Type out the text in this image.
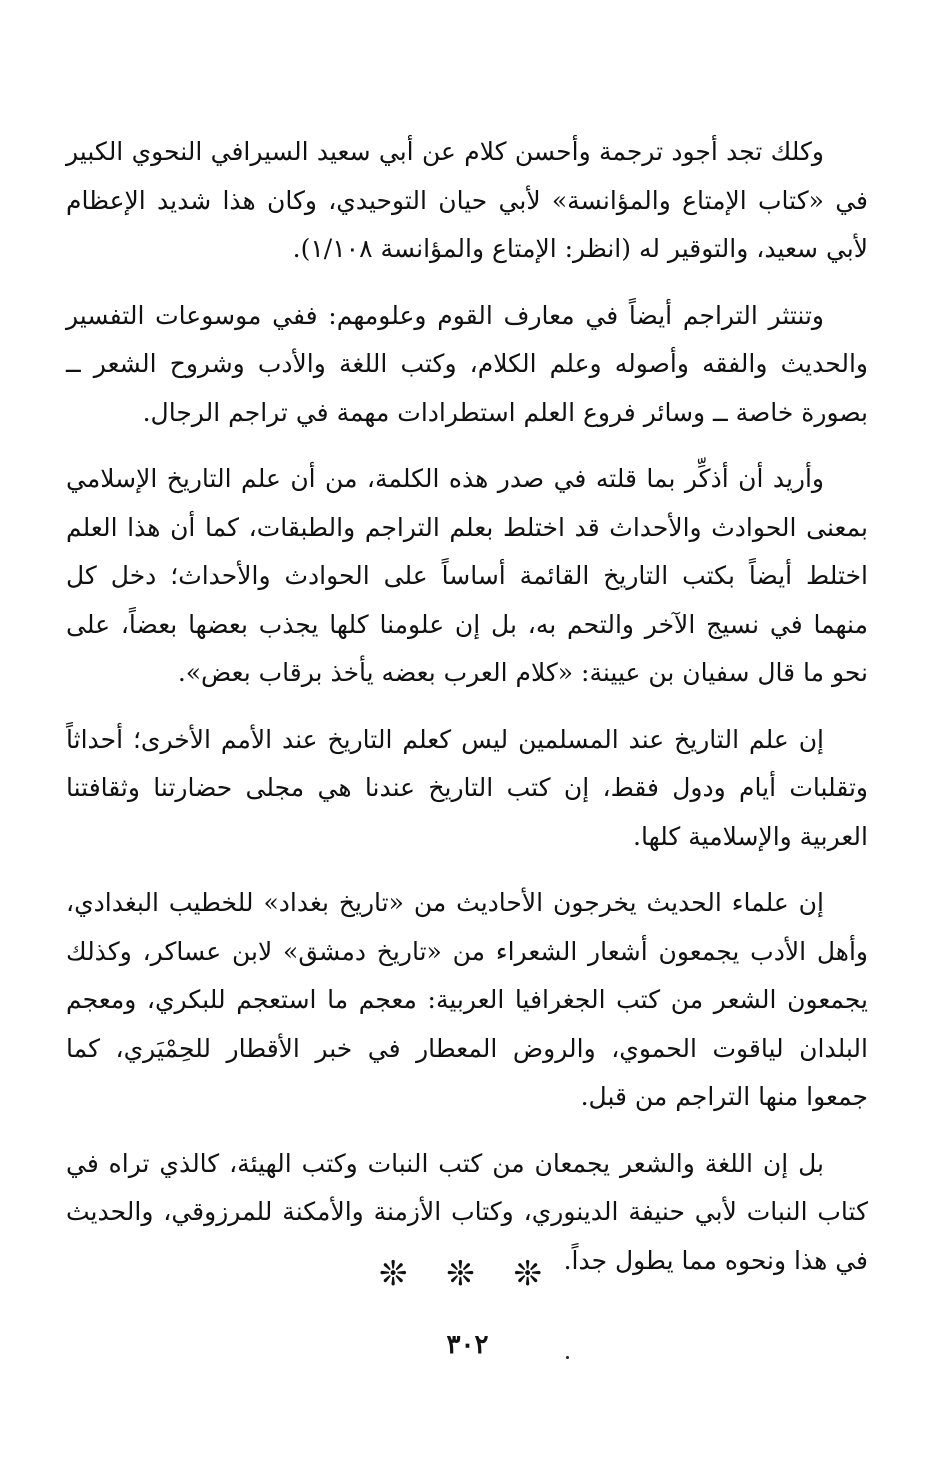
وكلك تجد أجود ترجمة وأحسن كلام عن أبي سعيد السيرافي النحوي الكبير في «كتاب الإمتاع والمؤانسة» لأبي حيان التوحيدي، وكان هذا شديد الإعظام لأبي سعيد، والتوقير له (انظر: الإمتاع والمؤانسة ١/١٠٨).

وتنتثر التراجم أيضاً في معارف القوم وعلومهم: ففي موسوعات التفسير والحديث والفقه وأصوله وعلم الكلام، وكتب اللغة والأدب وشروح الشعر ــ بصورة خاصة ــ وسائر فروع العلم استطرادات مهمة في تراجم الرجال.

وأريد أن أذكِّر بما قلته في صدر هذه الكلمة، من أن علم التاريخ الإسلامي بمعنى الحوادث والأحداث قد اختلط بعلم التراجم والطبقات، كما أن هذا العلم اختلط أيضاً بكتب التاريخ القائمة أساساً على الحوادث والأحداث؛ دخل كل منهما في نسيج الآخر والتحم به، بل إن علومنا كلها يجذب بعضها بعضاً، على نحو ما قال سفيان بن عيينة: «كلام العرب بعضه يأخذ برقاب بعض».

إن علم التاريخ عند المسلمين ليس كعلم التاريخ عند الأمم الأخرى؛ أحداثاً وتقلبات أيام ودول فقط، إن كتب التاريخ عندنا هي مجلى حضارتنا وثقافتنا العربية والإسلامية كلها.

إن علماء الحديث يخرجون الأحاديث من «تاريخ بغداد» للخطيب البغدادي، وأهل الأدب يجمعون أشعار الشعراء من «تاريخ دمشق» لابن عساكر، وكذلك يجمعون الشعر من كتب الجغرافيا العربية: معجم ما استعجم للبكري، ومعجم البلدان لياقوت الحموي، والروض المعطار في خبر الأقطار للحِمْيَري، كما جمعوا منها التراجم من قبل.

بل إن اللغة والشعر يجمعان من كتب النبات وكتب الهيئة، كالذي تراه في كتاب النبات لأبي حنيفة الدينوري، وكتاب الأزمنة والأمكنة للمرزوقي، والحديث في هذا ونحوه مما يطول جداً.

❊ ❊ ❊
٣٠٢
